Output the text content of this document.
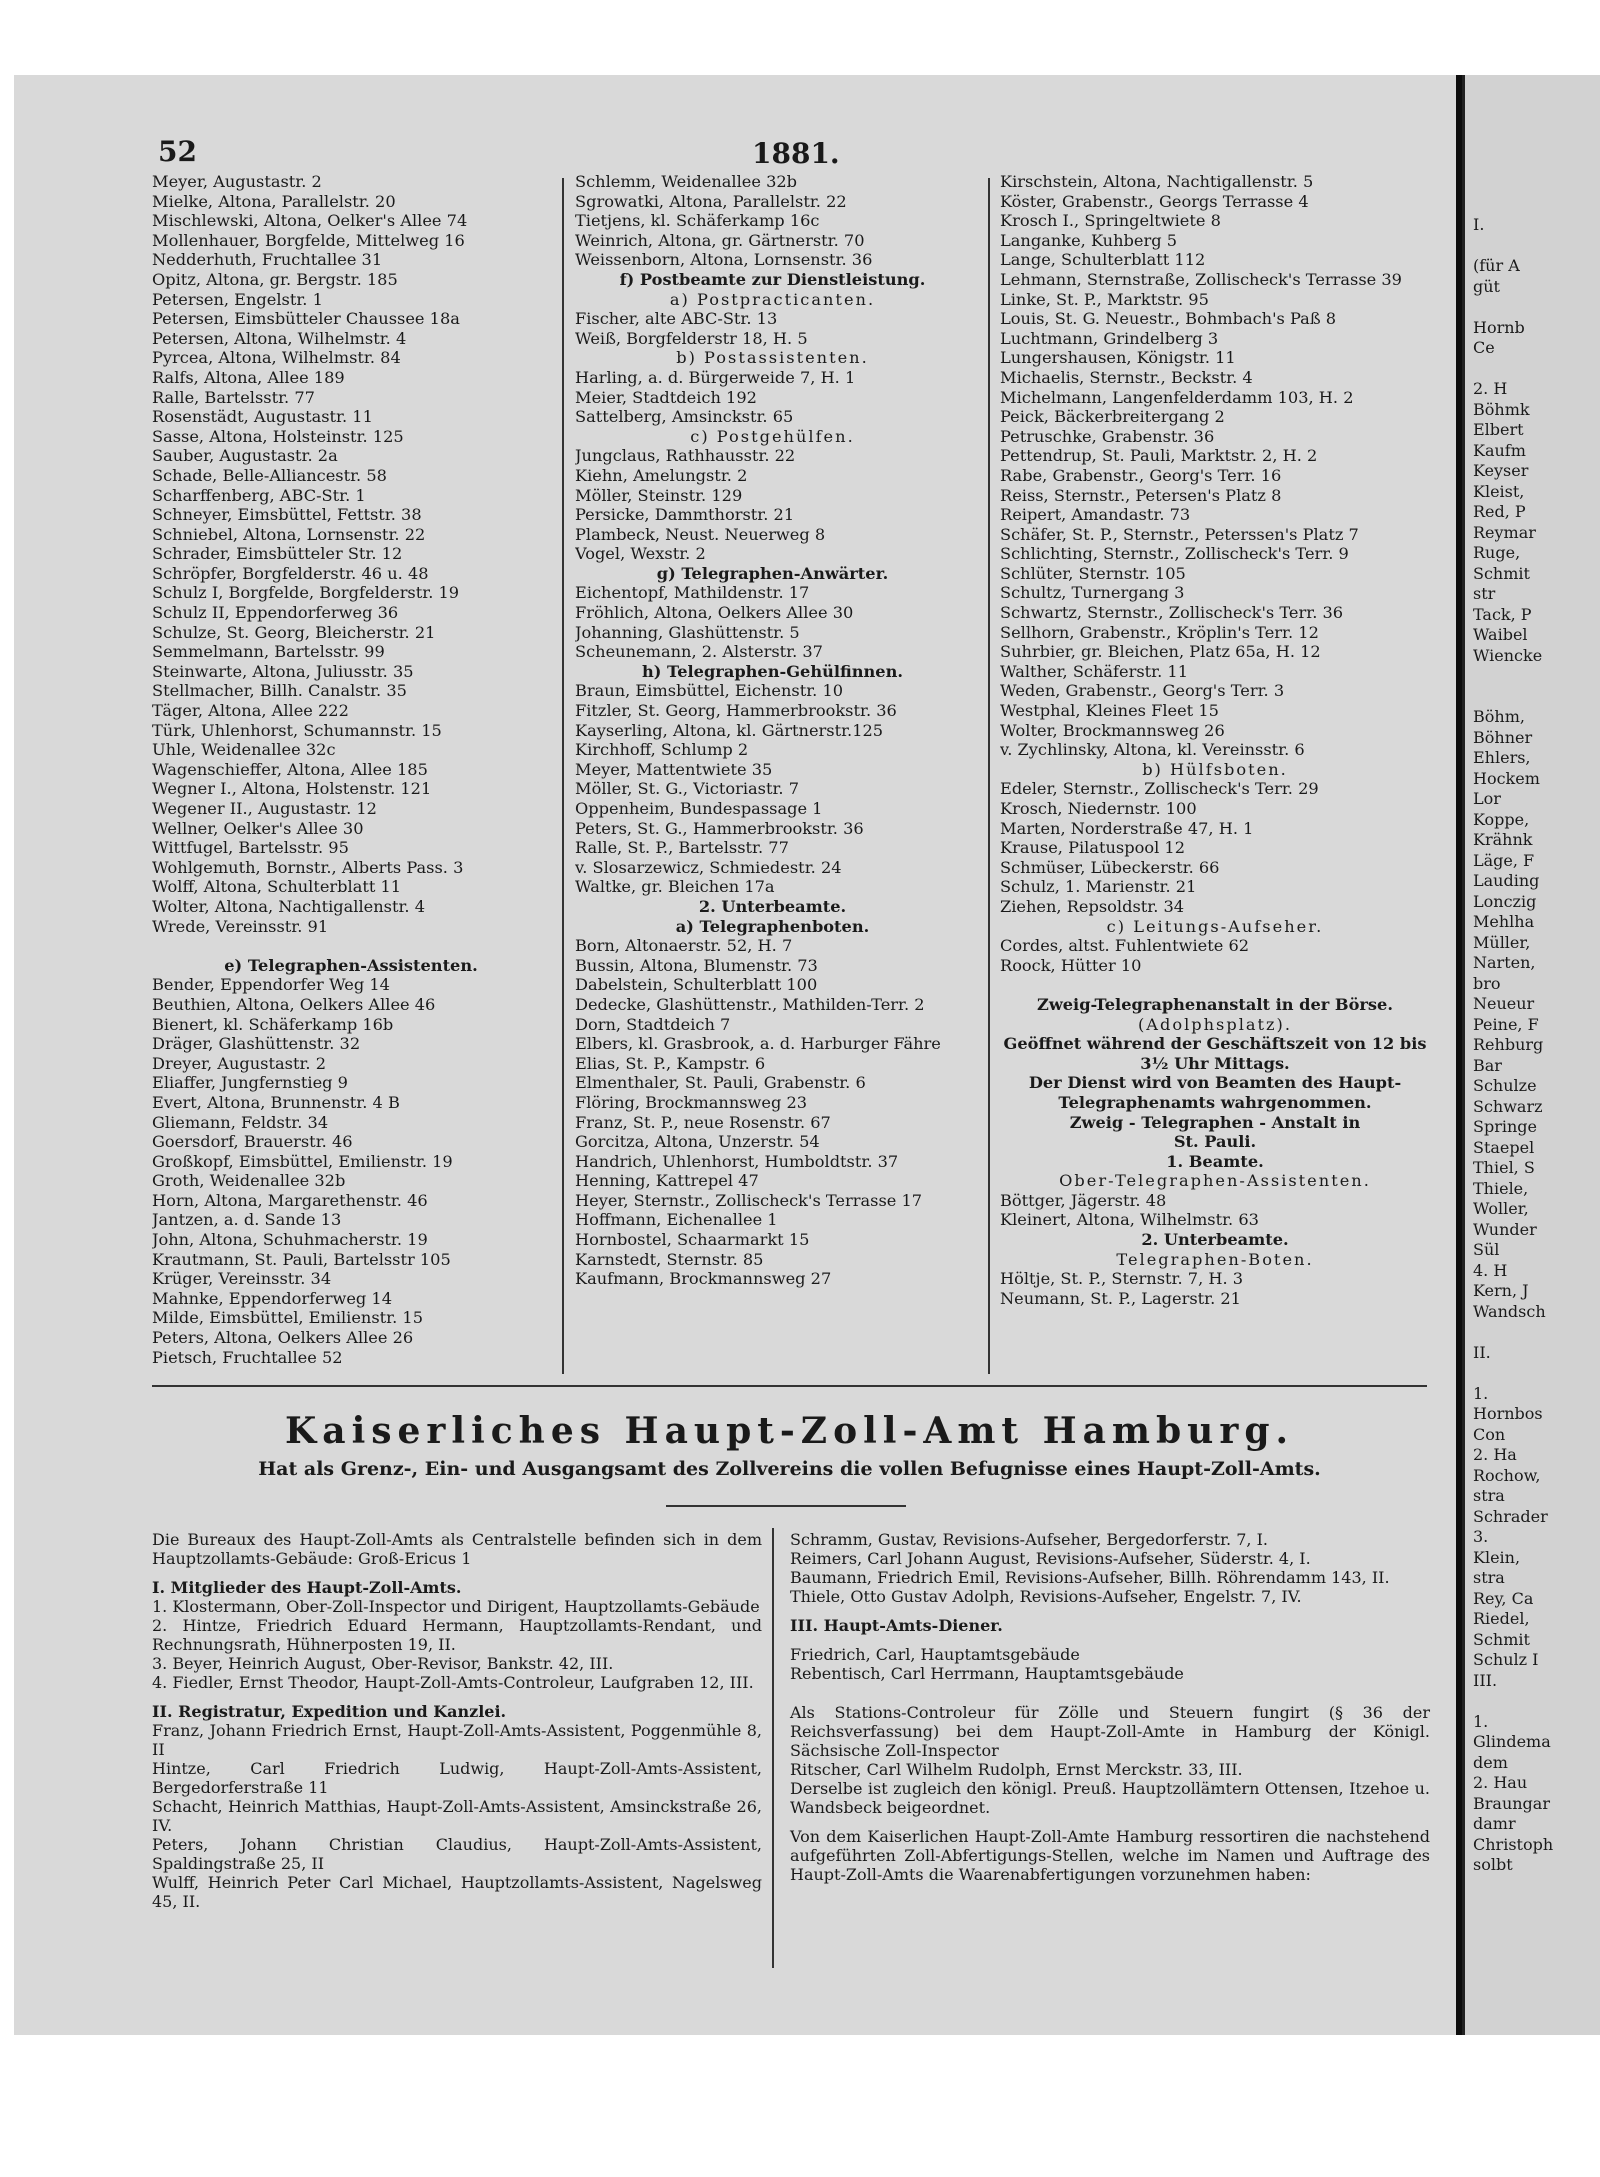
I.

(für A
güt

Hornb
Ce

2. H
Böhmk
Elbert
Kaufm
Keyser
Kleist,
Red, P
Reymar
Ruge,
Schmit
str
Tack, P
Waibel
Wiencke

Böhm,
Böhner
Ehlers,
Hockem
Lor
Koppe,
Krähnk
Läge, F
Lauding
Lonczig
Mehlha
Müller,
Narten,
bro
Neueur
Peine, F
Rehburg
Bar
Schulze
Schwarz
Springe
Staepel
Thiel, S
Thiele,
Woller,
Wunder
Sül
4. H
Kern, J
Wandsch

II.

1.
Hornbos
Con
2. Ha
Rochow,
stra
Schrader
3.
Klein,
stra
Rey, Ca
Riedel,
Schmit
Schulz I
III.

1.
Glindema
dem
2. Hau
Braungar
damr
Christoph
solbt
52	1881.
Meyer, Augustastr. 2
Mielke, Altona, Parallelstr. 20
Mischlewski, Altona, Oelker's Allee 74
Mollenhauer, Borgfelde, Mittelweg 16
Nedderhuth, Fruchtallee 31
Opitz, Altona, gr. Bergstr. 185
Petersen, Engelstr. 1
Petersen, Eimsbütteler Chaussee 18a
Petersen, Altona, Wilhelmstr. 4
Pyrcea, Altona, Wilhelmstr. 84
Ralfs, Altona, Allee 189
Ralle, Bartelsstr. 77
Rosenstädt, Augustastr. 11
Sasse, Altona, Holsteinstr. 125
Sauber, Augustastr. 2a
Schade, Belle-Alliancestr. 58
Scharffenberg, ABC-Str. 1
Schneyer, Eimsbüttel, Fettstr. 38
Schniebel, Altona, Lornsenstr. 22
Schrader, Eimsbütteler Str. 12
Schröpfer, Borgfelderstr. 46 u. 48
Schulz I, Borgfelde, Borgfelderstr. 19
Schulz II, Eppendorferweg 36
Schulze, St. Georg, Bleicherstr. 21
Semmelmann, Bartelsstr. 99
Steinwarte, Altona, Juliusstr. 35
Stellmacher, Billh. Canalstr. 35
Täger, Altona, Allee 222
Türk, Uhlenhorst, Schumannstr. 15
Uhle, Weidenallee 32c
Wagenschieffer, Altona, Allee 185
Wegner I., Altona, Holstenstr. 121
Wegener II., Augustastr. 12
Wellner, Oelker's Allee 30
Wittfugel, Bartelsstr. 95
Wohlgemuth, Bornstr., Alberts Pass. 3
Wolff, Altona, Schulterblatt 11
Wolter, Altona, Nachtigallenstr. 4
Wrede, Vereinsstr. 91
e) Telegraphen-Assistenten.
Bender, Eppendorfer Weg 14
Beuthien, Altona, Oelkers Allee 46
Bienert, kl. Schäferkamp 16b
Dräger, Glashüttenstr. 32
Dreyer, Augustastr. 2
Eliaffer, Jungfernstieg 9
Evert, Altona, Brunnenstr. 4 B
Gliemann, Feldstr. 34
Goersdorf, Brauerstr. 46
Großkopf, Eimsbüttel, Emilienstr. 19
Groth, Weidenallee 32b
Horn, Altona, Margarethenstr. 46
Jantzen, a. d. Sande 13
John, Altona, Schuhmacherstr. 19
Krautmann, St. Pauli, Bartelsstr 105
Krüger, Vereinsstr. 34
Mahnke, Eppendorferweg 14
Milde, Eimsbüttel, Emilienstr. 15
Peters, Altona, Oelkers Allee 26
Pietsch, Fruchtallee 52
Schlemm, Weidenallee 32b
Sgrowatki, Altona, Parallelstr. 22
Tietjens, kl. Schäferkamp 16c
Weinrich, Altona, gr. Gärtnerstr. 70
Weissenborn, Altona, Lornsenstr. 36
f) Postbeamte zur Dienstleistung.
a) Postpracticanten.
Fischer, alte ABC-Str. 13
Weiß, Borgfelderstr 18, H. 5
b) Postassistenten.
Harling, a. d. Bürgerweide 7, H. 1
Meier, Stadtdeich 192
Sattelberg, Amsinckstr. 65
c) Postgehülfen.
Jungclaus, Rathhausstr. 22
Kiehn, Amelungstr. 2
Möller, Steinstr. 129
Persicke, Dammthorstr. 21
Plambeck, Neust. Neuerweg 8
Vogel, Wexstr. 2
g) Telegraphen-Anwärter.
Eichentopf, Mathildenstr. 17
Fröhlich, Altona, Oelkers Allee 30
Johanning, Glashüttenstr. 5
Scheunemann, 2. Alsterstr. 37
h) Telegraphen-Gehülfinnen.
Braun, Eimsbüttel, Eichenstr. 10
Fitzler, St. Georg, Hammerbrookstr. 36
Kayserling, Altona, kl. Gärtnerstr.125
Kirchhoff, Schlump 2
Meyer, Mattentwiete 35
Möller, St. G., Victoriastr. 7
Oppenheim, Bundespassage 1
Peters, St. G., Hammerbrookstr. 36
Ralle, St. P., Bartelsstr. 77
v. Slosarzewicz, Schmiedestr. 24
Waltke, gr. Bleichen 17a
2. Unterbeamte.
a) Telegraphenboten.
Born, Altonaerstr. 52, H. 7
Bussin, Altona, Blumenstr. 73
Dabelstein, Schulterblatt 100
Dedecke, Glashüttenstr., Mathilden-Terr. 2
Dorn, Stadtdeich 7
Elbers, kl. Grasbrook, a. d. Harburger Fähre
Elias, St. P., Kampstr. 6
Elmenthaler, St. Pauli, Grabenstr. 6
Flöring, Brockmannsweg 23
Franz, St. P., neue Rosenstr. 67
Gorcitza, Altona, Unzerstr. 54
Handrich, Uhlenhorst, Humboldtstr. 37
Henning, Kattrepel 47
Heyer, Sternstr., Zollischeck's Terrasse 17
Hoffmann, Eichenallee 1
Hornbostel, Schaarmarkt 15
Karnstedt, Sternstr. 85
Kaufmann, Brockmannsweg 27
Kirschstein, Altona, Nachtigallenstr. 5
Köster, Grabenstr., Georgs Terrasse 4
Krosch I., Springeltwiete 8
Langanke, Kuhberg 5
Lange, Schulterblatt 112
Lehmann, Sternstraße, Zollischeck's Terrasse 39
Linke, St. P., Marktstr. 95
Louis, St. G. Neuestr., Bohmbach's Paß 8
Luchtmann, Grindelberg 3
Lungershausen, Königstr. 11
Michaelis, Sternstr., Beckstr. 4
Michelmann, Langenfelderdamm 103, H. 2
Peick, Bäckerbreitergang 2
Petruschke, Grabenstr. 36
Pettendrup, St. Pauli, Marktstr. 2, H. 2
Rabe, Grabenstr., Georg's Terr. 16
Reiss, Sternstr., Petersen's Platz 8
Reipert, Amandastr. 73
Schäfer, St. P., Sternstr., Peterssen's Platz 7
Schlichting, Sternstr., Zollischeck's Terr. 9
Schlüter, Sternstr. 105
Schultz, Turnergang 3
Schwartz, Sternstr., Zollischeck's Terr. 36
Sellhorn, Grabenstr., Kröplin's Terr. 12
Suhrbier, gr. Bleichen, Platz 65a, H. 12
Walther, Schäferstr. 11
Weden, Grabenstr., Georg's Terr. 3
Westphal, Kleines Fleet 15
Wolter, Brockmannsweg 26
v. Zychlinsky, Altona, kl. Vereinsstr. 6
b) Hülfsboten.
Edeler, Sternstr., Zollischeck's Terr. 29
Krosch, Niedernstr. 100
Marten, Norderstraße 47, H. 1
Krause, Pilatuspool 12
Schmüser, Lübeckerstr. 66
Schulz, 1. Marienstr. 21
Ziehen, Repsoldstr. 34
c) Leitungs-Aufseher.
Cordes, altst. Fuhlentwiete 62
Roock, Hütter 10
Zweig-Telegraphenanstalt in der Börse.
(Adolphsplatz).
Geöffnet während der Geschäftszeit von 12 bis
3½ Uhr Mittags.
Der Dienst wird von Beamten des Haupt-
Telegraphenamts wahrgenommen.
Zweig - Telegraphen - Anstalt in
St. Pauli.
1. Beamte.
Ober-Telegraphen-Assistenten.
Böttger, Jägerstr. 48
Kleinert, Altona, Wilhelmstr. 63
2. Unterbeamte.
Telegraphen-Boten.
Höltje, St. P., Sternstr. 7, H. 3
Neumann, St. P., Lagerstr. 21
Kaiserliches Haupt-Zoll-Amt Hamburg.
Hat als Grenz-, Ein- und Ausgangsamt des Zollvereins die vollen Befugnisse eines Haupt-Zoll-Amts.
Die Bureaux des Haupt-Zoll-Amts als Centralstelle befinden sich in dem Hauptzollamts-Gebäude: Groß-Ericus 1
I. Mitglieder des Haupt-Zoll-Amts.
1. Klostermann, Ober-Zoll-Inspector und Dirigent, Hauptzollamts-Gebäude
2. Hintze, Friedrich Eduard Hermann, Hauptzollamts-Rendant, und Rechnungsrath, Hühnerposten 19, II.
3. Beyer, Heinrich August, Ober-Revisor, Bankstr. 42, III.
4. Fiedler, Ernst Theodor, Haupt-Zoll-Amts-Controleur, Laufgraben 12, III.
II. Registratur, Expedition und Kanzlei.
Franz, Johann Friedrich Ernst, Haupt-Zoll-Amts-Assistent, Poggenmühle 8, II
Hintze, Carl Friedrich Ludwig, Haupt-Zoll-Amts-Assistent, Bergedorferstraße 11
Schacht, Heinrich Matthias, Haupt-Zoll-Amts-Assistent, Amsinckstraße 26, IV.
Peters, Johann Christian Claudius, Haupt-Zoll-Amts-Assistent, Spaldingstraße 25, II
Wulff, Heinrich Peter Carl Michael, Hauptzollamts-Assistent, Nagelsweg 45, II.
Schramm, Gustav, Revisions-Aufseher, Bergedorferstr. 7, I.
Reimers, Carl Johann August, Revisions-Aufseher, Süderstr. 4, I.
Baumann, Friedrich Emil, Revisions-Aufseher, Billh. Röhrendamm 143, II.
Thiele, Otto Gustav Adolph, Revisions-Aufseher, Engelstr. 7, IV.
III. Haupt-Amts-Diener.
Friedrich, Carl, Hauptamtsgebäude
Rebentisch, Carl Herrmann, Hauptamtsgebäude
Als Stations-Controleur für Zölle und Steuern fungirt (§ 36 der Reichsverfassung) bei dem Haupt-Zoll-Amte in Hamburg der Königl. Sächsische Zoll-Inspector
Ritscher, Carl Wilhelm Rudolph, Ernst Merckstr. 33, III.
Derselbe ist zugleich den königl. Preuß. Hauptzollämtern Ottensen, Itzehoe u. Wandsbeck beigeordnet.
Von dem Kaiserlichen Haupt-Zoll-Amte Hamburg ressortiren die nachstehend aufgeführten Zoll-Abfertigungs-Stellen, welche im Namen und Auftrage des Haupt-Zoll-Amts die Waarenabfertigungen vorzunehmen haben:
